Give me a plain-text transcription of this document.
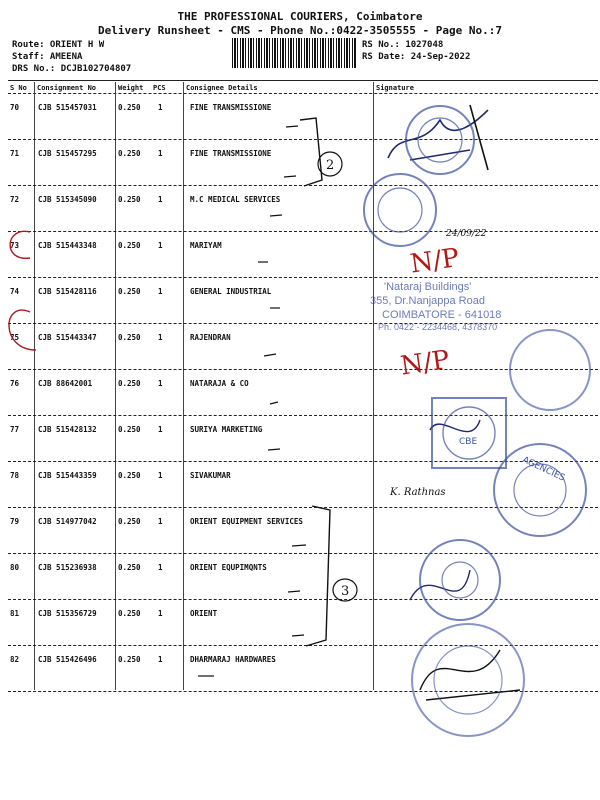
THE PROFESSIONAL COURIERS, Coimbatore
Delivery Runsheet - CMS - Phone No.:0422-3505555 - Page No.:7
Route: ORIENT H W
Staff: AMEENA
DRS No.: DCJB102704807
RS No.: 1027048
RS Date: 24-Sep-2022
S No Consignment No	Weight PCS	Consignee Details	Signature
70	CJB 515457031	0.250 1	FINE TRANSMISSIONE
71	CJB 515457295	0.250 1	FINE TRANSMISSIONE
72	CJB 515345090	0.250 1	M.C MEDICAL SERVICES
73	CJB 515443348	0.250 1	MARIYAM
74	CJB 515428116	0.250 1	GENERAL INDUSTRIAL
75	CJB 515443347	0.250 1	RAJENDRAN
76	CJB 88642001	0.250 1	NATARAJA & CO
77	CJB 515428132	0.250 1	SURIYA MARKETING
78	CJB 515443359	0.250 1	SIVAKUMAR
79	CJB 514977042	0.250 1	ORIENT EQUIPMENT SERVICES
80	CJB 515236938	0.250 1	ORIENT EQUPIMQNTS
81	CJB 515356729	0.250 1	ORIENT
82	CJB 515426496	0.250 1	DHARMARAJ HARDWARES
2
3
N/P
N/P
K. Rathnas
24/09/22
CBE
AGENCIES
'Nataraj Buildings'
355, Dr.Nanjappa Road
COIMBATORE - 641018
Ph. 0422 - 2234468, 4378370
